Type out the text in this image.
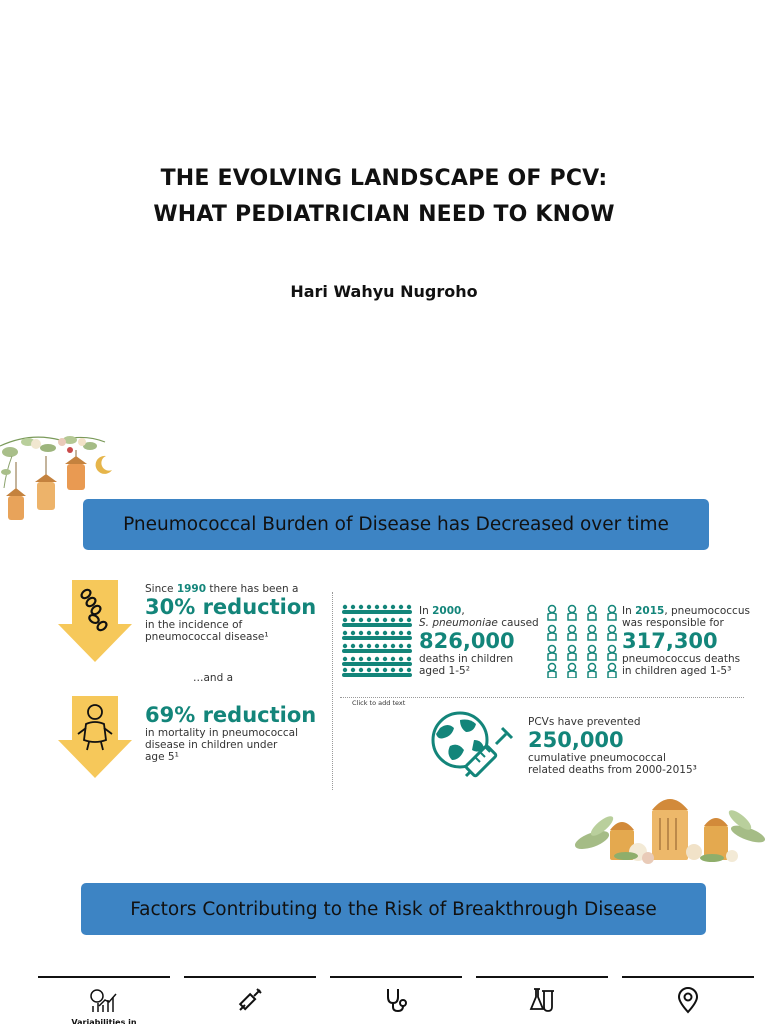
THE EVOLVING LANDSCAPE OF PCV:
WHAT PEDIATRICIAN NEED TO KNOW
Hari Wahyu Nugroho
Pneumococcal Burden of Disease has Decreased over time
Since 1990 there has been a
30% reduction
in the incidence of
pneumococcal disease¹
…and a
69% reduction
in mortality in pneumococcal
disease in children under
age 5¹
In 2000,
S. pneumoniae caused
826,000
deaths in children
aged 1-5²
In 2015, pneumococcus
was responsible for
317,300
pneumococcus deaths
in children aged 1-5³
Click to add text
PCVs have prevented
250,000
cumulative pneumococcal
related deaths from 2000-2015³
Factors Contributing to the Risk of Breakthrough Disease
Variabilities in
